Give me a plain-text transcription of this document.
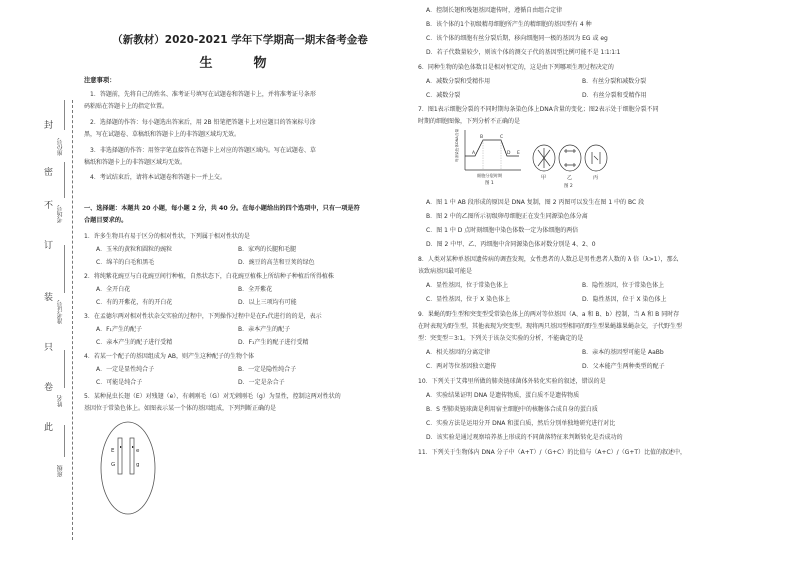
封
密
不
订
装
只
卷
此
座位号
考场号
准考证号
姓名
班级
（新教材）2020-2021 学年下学期高一期末备考金卷
生　物
注意事项：
1．答题前，先将自己的姓名、准考证号填写在试题卷和答题卡上，并将准考证号条形
码粘贴在答题卡上的指定位置。
2．选择题的作答：每小题选出答案后，用 2B 铅笔把答题卡上对应题目的答案标号涂
黑，写在试题卷、草稿纸和答题卡上的非答题区域均无效。
3．非选择题的作答：用签字笔直接答在答题卡上对应的答题区域内。写在试题卷、草
稿纸和答题卡上的非答题区域均无效。
4．考试结束后，请将本试题卷和答题卡一并上交。
一、选择题：本题共 20 小题，每小题 2 分，共 40 分。在每小题给出的四个选项中，只有一项是符
合题目要求的。
1．许多生物具有易于区分的相对性状，下列属于相对性状的是
A．玉米的黄粒和圆粒的豌粒	B．家鸡的长腿和毛腿
C．绵羊的白毛和黑毛	D．豌豆的高茎和豆荚的绿色
2．将纯紫花豌豆与白花豌豆间行种植，自然状态下，白花豌豆植株上所结种子种植后所得植株
A．全开白花	B．全开紫花
C．有的开紫花，有的开白花	D．以上三项均有可能
3．在孟德尔两对相对性状杂交实验的过程中，下列操作过程中是在F₁代进行的的是，表示
A．F₁产生的配子	B．亲本产生的配子
C．亲本产生的配子进行受精	D．F₁产生的配子进行受精
4．若某一个配子的基因组成为 AB，则产生这种配子的生物个体
A．一定是显性纯合子	B．一定是隐性纯合子
C．可能是纯合子	D．一定是杂合子
5．某种昆虫长翅（E）对残翅（e），有刺刚毛（G）对无刺刚毛（g）为显性，控制这两对性状的
基因位于常染色体上。如图表示某一个体的基因组成，下列判断正确的是
E	e
G	g
A．控制长翅和残翅基因遗传时，遵循自由组合定律
B．该个体的1个初级精母细胞所产生的精细胞的基因型有 4 种
C．该个体的细胞有丝分裂后期，移向细胞同一极的基因为 EG 或 eg
D．若子代数量较少，则该个体的测交子代的基因型比例可能不是 1∶1∶1∶1
6．同种生物的染色体数目是相对恒定的，这是由下列哪项生理过程决定的
A．减数分裂和受精作用	B．有丝分裂和减数分裂
C．减数分裂	D．有丝分裂和受精作用
7．图1表示细胞分裂的不同时期每条染色体上DNA含量的变化；图2表示处于细胞分裂不同
时期的细胞图像，下列分析不正确的是
A
B	C
D E
每条染色体DNA含量
细胞分裂时期
图 1
甲	乙	丙
图 2
A．图 1 中 AB 段形成的原因是 DNA 复制，图 2 丙图可以发生在图 1 中的 BC 段
B．图 2 中的乙图所示初级卵母细胞正在发生同源染色体分离
C．图 1 中 D 点时刻细胞中染色体数一定为体细胞的两倍
D．图 2 中甲、乙、丙细胞中含同源染色体对数分别是 4、2、0
8．人类对某种单基因遗传病的调查发现，女性患者的人数总是男性患者人数的 λ 倍（λ>1），那么
该致病基因最可能是
A．显性基因，位于常染色体上	B．隐性基因，位于常染色体上
C．显性基因，位于 X 染色体上	D．隐性基因，位于 X 染色体上
9．果蝇的野生型和突变型受常染色体上的两对等位基因（A、a 和 B、b）控制，当 A 和 B 同时存
在时表现为野生型，其他表现为突变型。现将两只基因型相同的野生型果蝇雄果蝇杂交，子代野生型
型：突变型＝3∶1。下列关于该杂交实验的分析，不能确定的是
A．相关基因的分离定律	B．亲本的基因型可能是 AaBb
C．两对等位基因独立遗传	D．父本能产生两种类型的配子
10．下列关于艾弗里所做的肺炎链球菌体外转化实验的叙述，错误的是
A．实验结果证明 DNA 是遗传物质，蛋白质不是遗传物质
B．S 型肺炎链球菌是利用宿主细胞中的核糖体合成自身的蛋白质
C．实验方法是运用分开 DNA 和蛋白质，然后分别单独地研究进行对比
D．该实验是通过观察培养基上形成的不同菌落特征来判断转化是否成功的
11．下列关于生物体内 DNA 分子中（A+T）/（G+C）的比值与（A+C）/（G+T）比值的叙述中，
